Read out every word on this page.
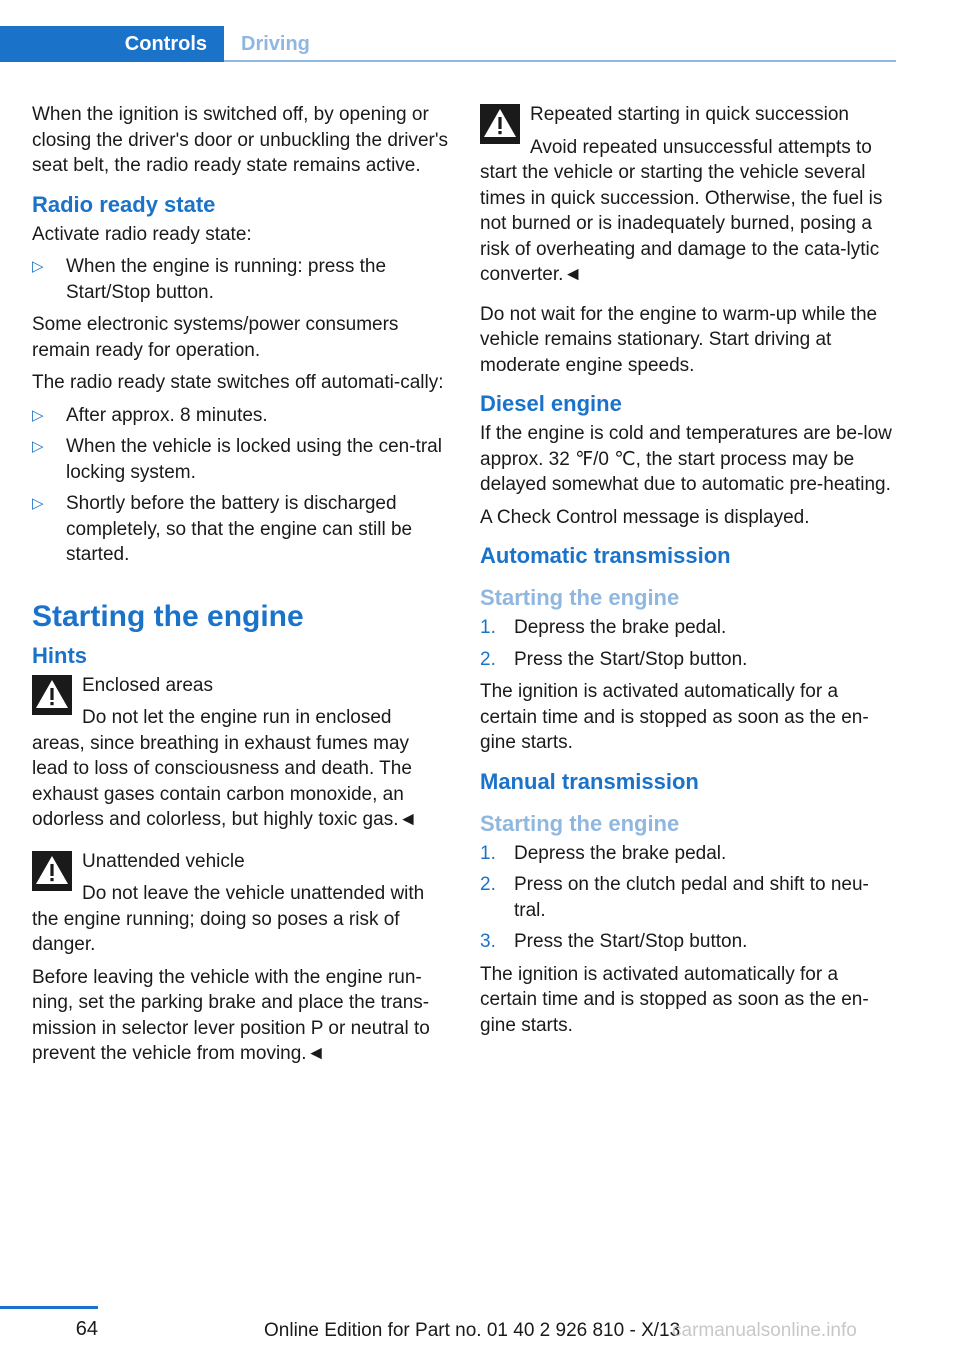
Controls	Driving

When the ignition is switched off, by opening or closing the driver's door or unbuckling the driver's seat belt, the radio ready state remains active.

Radio ready state

Activate radio ready state:

▷ When the engine is running: press the Start/Stop button.

Some electronic systems/power consumers remain ready for operation.

The radio ready state switches off automati‐cally:

▷ After approx. 8 minutes.
▷ When the vehicle is locked using the cen‐tral locking system.
▷ Shortly before the battery is discharged completely, so that the engine can still be started.
Starting the engine
Hints
Enclosed areas
Do not let the engine run in enclosed areas, since breathing in exhaust fumes may lead to loss of consciousness and death. The exhaust gases contain carbon monoxide, an odorless and colorless, but highly toxic gas.◄
Unattended vehicle
Do not leave the vehicle unattended with the engine running; doing so poses a risk of danger.

Before leaving the vehicle with the engine run‐ning, set the parking brake and place the trans‐mission in selector lever position P or neutral to prevent the vehicle from moving.◄

Repeated starting in quick succession
Avoid repeated unsuccessful attempts to start the vehicle or starting the vehicle several times in quick succession. Otherwise, the fuel is not burned or is inadequately burned, posing a risk of overheating and damage to the cata‐lytic converter.◄

Do not wait for the engine to warm-up while the vehicle remains stationary. Start driving at moderate engine speeds.

Diesel engine

If the engine is cold and temperatures are be‐low approx. 32 ℉/0 ℃, the start process may be delayed somewhat due to automatic pre‐heating.

A Check Control message is displayed.

Automatic transmission
Starting the engine
1. Depress the brake pedal.
2. Press the Start/Stop button.

The ignition is activated automatically for a certain time and is stopped as soon as the en‐gine starts.

Manual transmission
Starting the engine
1. Depress the brake pedal.
2. Press on the clutch pedal and shift to neu‐tral.
3. Press the Start/Stop button.

The ignition is activated automatically for a certain time and is stopped as soon as the en‐gine starts.

64	Online Edition for Part no. 01 40 2 926 810 - X/13
carmanualsonline.info
